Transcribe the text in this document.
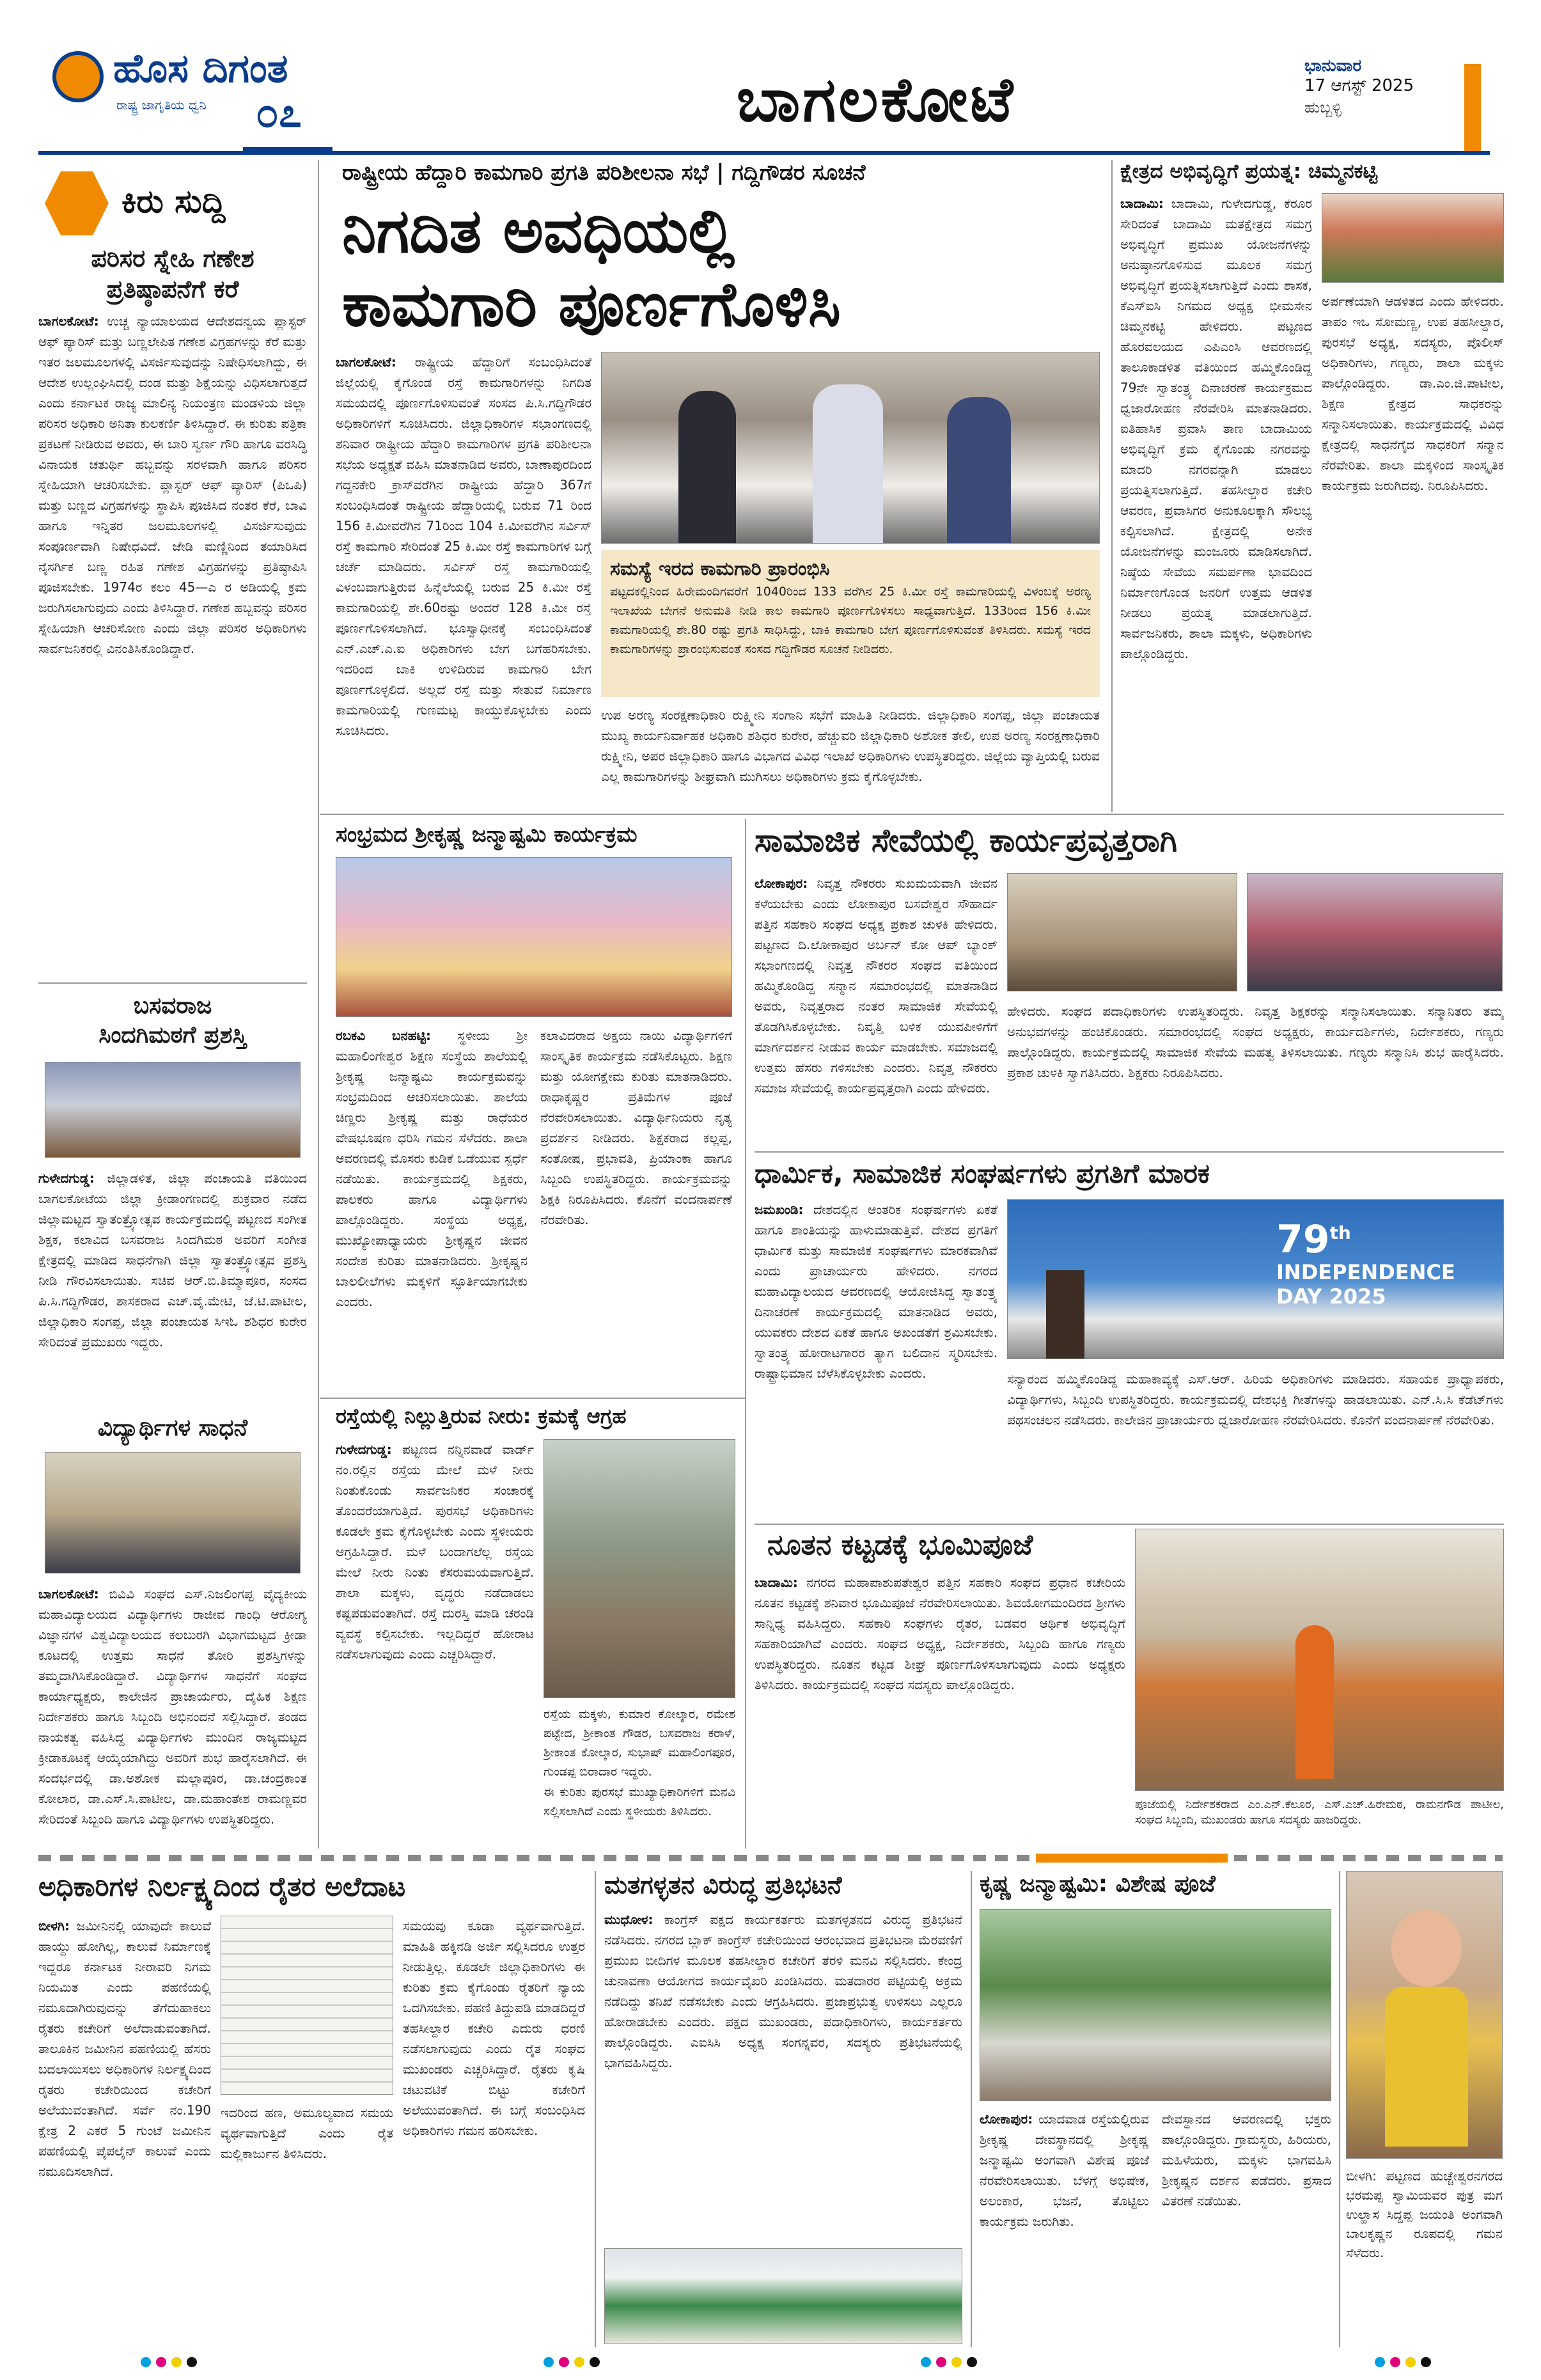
ಹೊಸ ದಿಗಂತ
ರಾಷ್ಟ್ರ ಜಾಗೃತಿಯ ಧ್ವನಿ ೦೭	ಬಾಗಲಕೋಟೆ	ಭಾನುವಾರ
17 ಆಗಸ್ಟ್ 2025
ಹುಬ್ಬಳ್ಳಿ
ಕಿರು ಸುದ್ದಿ
ಪರಿಸರ ಸ್ನೇಹಿ ಗಣೇಶ
ಪ್ರತಿಷ್ಠಾಪನೆಗೆ ಕರೆ
ಬಾಗಲಕೋಟೆ: ಉಚ್ಚ ನ್ಯಾಯಾಲಯದ ಆದೇಶದನ್ವಯ ಪ್ಲಾಸ್ಟರ್ ಆಫ್ ಪ್ಯಾರಿಸ್ ಮತ್ತು ಬಣ್ಣಲೇಪಿತ ಗಣೇಶ ವಿಗ್ರಹಗಳನ್ನು ಕೆರೆ ಮತ್ತು ಇತರ ಜಲಮೂಲಗಳಲ್ಲಿ ವಿಸರ್ಜಿಸುವುದನ್ನು ನಿಷೇಧಿಸಲಾಗಿದ್ದು, ಈ ಆದೇಶ ಉಲ್ಲಂಘಿಸಿದಲ್ಲಿ ದಂಡ ಮತ್ತು ಶಿಕ್ಷೆಯನ್ನು ವಿಧಿಸಲಾಗುತ್ತದೆ ಎಂದು ಕರ್ನಾಟಕ ರಾಜ್ಯ ಮಾಲಿನ್ಯ ನಿಯಂತ್ರಣ ಮಂಡಳಿಯ ಜಿಲ್ಲಾ ಪರಿಸರ ಅಧಿಕಾರಿ ಅನಿತಾ ಕುಲಕರ್ಣಿ ತಿಳಿಸಿದ್ದಾರೆ. ಈ ಕುರಿತು ಪತ್ರಿಕಾ ಪ್ರಕಟಣೆ ನೀಡಿರುವ ಅವರು, ಈ ಬಾರಿ ಸ್ವರ್ಣ ಗೌರಿ ಹಾಗೂ ವರಸಿದ್ಧಿ ವಿನಾಯಕ ಚತುರ್ಥಿ ಹಬ್ಬವನ್ನು ಸರಳವಾಗಿ ಹಾಗೂ ಪರಿಸರ ಸ್ನೇಹಿಯಾಗಿ ಆಚರಿಸಬೇಕು. ಪ್ಲಾಸ್ಟರ್ ಆಫ್ ಪ್ಯಾರಿಸ್ (ಪಿಒಪಿ) ಮತ್ತು ಬಣ್ಣದ ವಿಗ್ರಹಗಳನ್ನು ಸ್ಥಾಪಿಸಿ ಪೂಜಿಸಿದ ನಂತರ ಕೆರೆ, ಬಾವಿ ಹಾಗೂ ಇನ್ನಿತರ ಜಲಮೂಲಗಳಲ್ಲಿ ವಿಸರ್ಜಿಸುವುದು ಸಂಪೂರ್ಣವಾಗಿ ನಿಷೇಧವಿದೆ. ಜೇಡಿ ಮಣ್ಣಿನಿಂದ ತಯಾರಿಸಿದ ನೈಸರ್ಗಿಕ ಬಣ್ಣ ರಹಿತ ಗಣೇಶ ವಿಗ್ರಹಗಳನ್ನು ಪ್ರತಿಷ್ಠಾಪಿಸಿ ಪೂಜಿಸಬೇಕು. 1974ರ ಕಲಂ 45—ಎ ರ ಅಡಿಯಲ್ಲಿ ಕ್ರಮ ಜರುಗಿಸಲಾಗುವುದು ಎಂದು ತಿಳಿಸಿದ್ದಾರೆ. ಗಣೇಶ ಹಬ್ಬವನ್ನು ಪರಿಸರ ಸ್ನೇಹಿಯಾಗಿ ಆಚರಿಸೋಣ ಎಂದು ಜಿಲ್ಲಾ ಪರಿಸರ ಅಧಿಕಾರಿಗಳು ಸಾರ್ವಜನಿಕರಲ್ಲಿ ವಿನಂತಿಸಿಕೊಂಡಿದ್ದಾರೆ.
ಬಸವರಾಜ
ಸಿಂದಗಿಮಠಗೆ ಪ್ರಶಸ್ತಿ
ಗುಳೇದಗುಡ್ಡ: ಜಿಲ್ಲಾಡಳಿತ, ಜಿಲ್ಲಾ ಪಂಚಾಯತಿ ವತಿಯಿಂದ ಬಾಗಲಕೋಟೆಯ ಜಿಲ್ಲಾ ಕ್ರೀಡಾಂಗಣದಲ್ಲಿ ಶುಕ್ರವಾರ ನಡೆದ ಜಿಲ್ಲಾಮಟ್ಟದ ಸ್ವಾತಂತ್ರ್ಯೋತ್ಸವ ಕಾರ್ಯಕ್ರಮದಲ್ಲಿ ಪಟ್ಟಣದ ಸಂಗೀತ ಶಿಕ್ಷಕ, ಕಲಾವಿದ ಬಸವರಾಜ ಸಿಂದಗಿಮಠ ಅವರಿಗೆ ಸಂಗೀತ ಕ್ಷೇತ್ರದಲ್ಲಿ ಮಾಡಿದ ಸಾಧನೆಗಾಗಿ ಜಿಲ್ಲಾ ಸ್ವಾತಂತ್ರ್ಯೋತ್ಸವ ಪ್ರಶಸ್ತಿ ನೀಡಿ ಗೌರವಿಸಲಾಯಿತು. ಸಚಿವ ಆರ್.ಬಿ.ತಿಮ್ಮಾಪೂರ, ಸಂಸದ ಪಿ.ಸಿ.ಗದ್ದಿಗೌಡರ, ಶಾಸಕರಾದ ಎಚ್.ವೈ.ಮೇಟಿ, ಜೆ.ಟಿ.ಪಾಟೀಲ, ಜಿಲ್ಲಾಧಿಕಾರಿ ಸಂಗಪ್ಪ, ಜಿಲ್ಲಾ ಪಂಚಾಯತ ಸಿಇಓ ಶಶಿಧರ ಕುರೇರ ಸೇರಿದಂತೆ ಪ್ರಮುಖರು ಇದ್ದರು.
ವಿದ್ಯಾರ್ಥಿಗಳ ಸಾಧನೆ
ಬಾಗಲಕೋಟೆ: ಬಿವಿವಿ ಸಂಘದ ಎಸ್.ನಿಜಲಿಂಗಪ್ಪ ವೈದ್ಯಕೀಯ ಮಹಾವಿದ್ಯಾಲಯದ ವಿದ್ಯಾರ್ಥಿಗಳು ರಾಜೀವ ಗಾಂಧಿ ಆರೋಗ್ಯ ವಿಜ್ಞಾನಗಳ ವಿಶ್ವವಿದ್ಯಾಲಯದ ಕಲಬುರಗಿ ವಿಭಾಗಮಟ್ಟದ ಕ್ರೀಡಾ ಕೂಟದಲ್ಲಿ ಉತ್ತಮ ಸಾಧನೆ ತೋರಿ ಪ್ರಶಸ್ತಿಗಳನ್ನು ತಮ್ಮದಾಗಿಸಿಕೊಂಡಿದ್ದಾರೆ. ವಿದ್ಯಾರ್ಥಿಗಳ ಸಾಧನೆಗೆ ಸಂಘದ ಕಾರ್ಯಾಧ್ಯಕ್ಷರು, ಕಾಲೇಜಿನ ಪ್ರಾಚಾರ್ಯರು, ದೈಹಿಕ ಶಿಕ್ಷಣ ನಿರ್ದೇಶಕರು ಹಾಗೂ ಸಿಬ್ಬಂದಿ ಅಭಿನಂದನೆ ಸಲ್ಲಿಸಿದ್ದಾರೆ. ತಂಡದ ನಾಯಕತ್ವ ವಹಿಸಿದ್ದ ವಿದ್ಯಾರ್ಥಿಗಳು ಮುಂದಿನ ರಾಜ್ಯಮಟ್ಟದ ಕ್ರೀಡಾಕೂಟಕ್ಕೆ ಆಯ್ಕೆಯಾಗಿದ್ದು ಅವರಿಗೆ ಶುಭ ಹಾರೈಸಲಾಗಿದೆ. ಈ ಸಂದರ್ಭದಲ್ಲಿ ಡಾ.ಅಶೋಕ ಮಲ್ಲಾಪೂರ, ಡಾ.ಚಂದ್ರಕಾಂತ ಕೋಲಾರ, ಡಾ.ಎಸ್.ಸಿ.ಪಾಟೀಲ, ಡಾ.ಮಹಾಂತೇಶ ರಾಮಣ್ಣವರ ಸೇರಿದಂತೆ ಸಿಬ್ಬಂದಿ ಹಾಗೂ ವಿದ್ಯಾರ್ಥಿಗಳು ಉಪಸ್ಥಿತರಿದ್ದರು.
ರಾಷ್ಟ್ರೀಯ ಹೆದ್ದಾರಿ ಕಾಮಗಾರಿ ಪ್ರಗತಿ ಪರಿಶೀಲನಾ ಸಭೆ | ಗದ್ದಿಗೌಡರ ಸೂಚನೆ
ನಿಗದಿತ ಅವಧಿಯಲ್ಲಿ
ಕಾಮಗಾರಿ ಪೂರ್ಣಗೊಳಿಸಿ
ಬಾಗಲಕೋಟೆ: ರಾಷ್ಟ್ರೀಯ ಹೆದ್ದಾರಿಗೆ ಸಂಬಂಧಿಸಿದಂತೆ ಜಿಲ್ಲೆಯಲ್ಲಿ ಕೈಗೊಂಡ ರಸ್ತೆ ಕಾಮಗಾರಿಗಳನ್ನು ನಿಗದಿತ ಸಮಯದಲ್ಲಿ ಪೂರ್ಣಗೊಳಿಸುವಂತೆ ಸಂಸದ ಪಿ.ಸಿ.ಗದ್ದಿಗೌಡರ ಅಧಿಕಾರಿಗಳಿಗೆ ಸೂಚಿಸಿದರು. ಜಿಲ್ಲಾಧಿಕಾರಿಗಳ ಸಭಾಂಗಣದಲ್ಲಿ ಶನಿವಾರ ರಾಷ್ಟ್ರೀಯ ಹೆದ್ದಾರಿ ಕಾಮಗಾರಿಗಳ ಪ್ರಗತಿ ಪರಿಶೀಲನಾ ಸಭೆಯ ಅಧ್ಯಕ್ಷತೆ ವಹಿಸಿ ಮಾತನಾಡಿದ ಅವರು, ಬಾಣಾಪುರದಿಂದ ಗದ್ದನಕೇರಿ ಕ್ರಾಸ್‌ವರೆಗಿನ ರಾಷ್ಟ್ರೀಯ ಹೆದ್ದಾರಿ 367ಗೆ ಸಂಬಂಧಿಸಿದಂತೆ ರಾಷ್ಟ್ರೀಯ ಹೆದ್ದಾರಿಯಲ್ಲಿ ಬರುವ 71 ರಿಂದ 156 ಕಿ.ಮೀವರೆಗಿನ 71ರಿಂದ 104 ಕಿ.ಮೀವರೆಗಿನ ಸರ್ವಿಸ್ ರಸ್ತೆ ಕಾಮಗಾರಿ ಸೇರಿದಂತೆ 25 ಕಿ.ಮೀ ರಸ್ತೆ ಕಾಮಗಾರಿಗಳ ಬಗ್ಗೆ ಚರ್ಚೆ ಮಾಡಿದರು. ಸರ್ವಿಸ್ ರಸ್ತೆ ಕಾಮಗಾರಿಯಲ್ಲಿ ವಿಳಂಬವಾಗುತ್ತಿರುವ ಹಿನ್ನೆಲೆಯಲ್ಲಿ ಬರುವ 25 ಕಿ.ಮೀ ರಸ್ತೆ ಕಾಮಗಾರಿಯಲ್ಲಿ ಶೇ.60ರಷ್ಟು ಅಂದರೆ 128 ಕಿ.ಮೀ ರಸ್ತೆ ಪೂರ್ಣಗೊಳಿಸಲಾಗಿದೆ. ಭೂಸ್ವಾಧೀನಕ್ಕೆ ಸಂಬಂಧಿಸಿದಂತೆ ಎನ್.ಎಚ್.ಎ.ಐ ಅಧಿಕಾರಿಗಳು ಬೇಗ ಬಗೆಹರಿಸಬೇಕು. ಇದರಿಂದ ಬಾಕಿ ಉಳಿದಿರುವ ಕಾಮಗಾರಿ ಬೇಗ ಪೂರ್ಣಗೊಳ್ಳಲಿದೆ. ಅಲ್ಲದೆ ರಸ್ತೆ ಮತ್ತು ಸೇತುವೆ ನಿರ್ಮಾಣ ಕಾಮಗಾರಿಯಲ್ಲಿ ಗುಣಮಟ್ಟ ಕಾಯ್ದುಕೊಳ್ಳಬೇಕು ಎಂದು ಸೂಚಿಸಿದರು.
ಸಮಸ್ಯೆ ಇರದ ಕಾಮಗಾರಿ ಪ್ರಾರಂಭಿಸಿ
ಪಟ್ಟದಕಲ್ಲಿನಿಂದ ಹಿರೇಮಂದಿಗವರೆಗೆ 1040ರಿಂದ 133 ವರೆಗಿನ 25 ಕಿ.ಮೀ ರಸ್ತೆ ಕಾಮಗಾರಿಯಲ್ಲಿ ವಿಳಂಬಕ್ಕೆ ಅರಣ್ಯ ಇಲಾಖೆಯ ಬೇಗನೆ ಅನುಮತಿ ನೀಡಿ ಕಾಲ ಕಾಮಗಾರಿ ಪೂರ್ಣಗೊಳಿಸಲು ಸಾಧ್ಯವಾಗುತ್ತಿದೆ. 133ರಿಂದ 156 ಕಿ.ಮೀ ಕಾಮಗಾರಿಯಲ್ಲಿ ಶೇ.80 ರಷ್ಟು ಪ್ರಗತಿ ಸಾಧಿಸಿದ್ದು, ಬಾಕಿ ಕಾಮಗಾರಿ ಬೇಗ ಪೂರ್ಣಗೊಳಿಸುವಂತೆ ತಿಳಿಸಿದರು. ಸಮಸ್ಯೆ ಇರದ ಕಾಮಗಾರಿಗಳನ್ನು ಪ್ರಾರಂಭಿಸುವಂತೆ ಸಂಸದ ಗದ್ದಿಗೌಡರ ಸೂಚನೆ ನೀಡಿದರು.
ಉಪ ಅರಣ್ಯ ಸಂರಕ್ಷಣಾಧಿಕಾರಿ ರುಕ್ಷ್ಮೀನಿ ಸಂಗಾನಿ ಸಭೆಗೆ ಮಾಹಿತಿ ನೀಡಿದರು. ಜಿಲ್ಲಾಧಿಕಾರಿ ಸಂಗಪ್ಪ, ಜಿಲ್ಲಾ ಪಂಚಾಯತ ಮುಖ್ಯ ಕಾರ್ಯನಿರ್ವಾಹಕ ಅಧಿಕಾರಿ ಶಶಿಧರ ಕುರೇರ, ಹೆಚ್ಚುವರಿ ಜಿಲ್ಲಾಧಿಕಾರಿ ಅಶೋಕ ತೇಲಿ, ಉಪ ಅರಣ್ಯ ಸಂರಕ್ಷಣಾಧಿಕಾರಿ ರುಕ್ಷ್ಮೀನಿ, ಅಪರ ಜಿಲ್ಲಾಧಿಕಾರಿ ಹಾಗೂ ವಿಭಾಗದ ವಿವಿಧ ಇಲಾಖೆ ಅಧಿಕಾರಿಗಳು ಉಪಸ್ಥಿತರಿದ್ದರು. ಜಿಲ್ಲೆಯ ವ್ಯಾಪ್ತಿಯಲ್ಲಿ ಬರುವ ಎಲ್ಲ ಕಾಮಗಾರಿಗಳನ್ನು ಶೀಘ್ರವಾಗಿ ಮುಗಿಸಲು ಅಧಿಕಾರಿಗಳು ಕ್ರಮ ಕೈಗೊಳ್ಳಬೇಕು.
ಕ್ಷೇತ್ರದ ಅಭಿವೃದ್ಧಿಗೆ ಪ್ರಯತ್ನ: ಚಿಮ್ಮನಕಟ್ಟಿ
ಬಾದಾಮಿ: ಬಾದಾಮಿ, ಗುಳೇದಗುಡ್ಡ, ಕೆರೂರ ಸೇರಿದಂತೆ ಬಾದಾಮಿ ಮತಕ್ಷೇತ್ರದ ಸಮಗ್ರ ಅಭಿವೃದ್ಧಿಗೆ ಪ್ರಮುಖ ಯೋಜನೆಗಳನ್ನು ಅನುಷ್ಠಾನಗೊಳಿಸುವ ಮೂಲಕ ಸಮಗ್ರ ಅಭಿವೃದ್ಧಿಗೆ ಪ್ರಯತ್ನಿಸಲಾಗುತ್ತಿದೆ ಎಂದು ಶಾಸಕ, ಕೆಎಸ್‌ಐಸಿ ನಿಗಮದ ಅಧ್ಯಕ್ಷ ಭೀಮಸೇನ ಚಿಮ್ಮನಕಟ್ಟಿ ಹೇಳಿದರು. ಪಟ್ಟಣದ ಹೊರವಲಯದ ಎಪಿಎಂಸಿ ಆವರಣದಲ್ಲಿ ತಾಲೂಕಾಡಳಿತ ವತಿಯಿಂದ ಹಮ್ಮಿಕೊಂಡಿದ್ದ 79ನೇ ಸ್ವಾತಂತ್ರ್ಯ ದಿನಾಚರಣೆ ಕಾರ್ಯಕ್ರಮದ ಧ್ವಜಾರೋಹಣ ನೆರವೇರಿಸಿ ಮಾತನಾಡಿದರು. ಐತಿಹಾಸಿಕ ಪ್ರವಾಸಿ ತಾಣ ಬಾದಾಮಿಯ ಅಭಿವೃದ್ಧಿಗೆ ಕ್ರಮ ಕೈಗೊಂಡು ನಗರವನ್ನು ಮಾದರಿ ನಗರವನ್ನಾಗಿ ಮಾಡಲು ಪ್ರಯತ್ನಿಸಲಾಗುತ್ತಿದೆ. ತಹಸೀಲ್ದಾರ ಕಚೇರಿ ಆವರಣ, ಪ್ರವಾಸಿಗರ ಅನುಕೂಲಕ್ಕಾಗಿ ಸೌಲಭ್ಯ ಕಲ್ಪಿಸಲಾಗಿದೆ. ಕ್ಷೇತ್ರದಲ್ಲಿ ಅನೇಕ ಯೋಜನೆಗಳನ್ನು ಮಂಜೂರು ಮಾಡಿಸಲಾಗಿದೆ. ನಿಷ್ಠೆಯ ಸೇವೆಯ ಸಮರ್ಪಣಾ ಭಾವದಿಂದ ನಿರ್ಮಾಣಗೊಂಡ ಜನರಿಗೆ ಉತ್ತಮ ಆಡಳಿತ ನೀಡಲು ಪ್ರಯತ್ನ ಮಾಡಲಾಗುತ್ತಿದೆ. ಸಾರ್ವಜನಿಕರು, ಶಾಲಾ ಮಕ್ಕಳು, ಅಧಿಕಾರಿಗಳು ಪಾಲ್ಗೊಂಡಿದ್ದರು.
ಅರ್ಪಣೆಯಾಗಿ ಆಡಳಿತದ ಎಂದು ಹೇಳಿದರು. ತಾಪಂ ಇಒ ಸೋಮಣ್ಣ, ಉಪ ತಹಸೀಲ್ದಾರ, ಪುರಸಭೆ ಅಧ್ಯಕ್ಷ, ಸದಸ್ಯರು, ಪೊಲೀಸ್ ಅಧಿಕಾರಿಗಳು, ಗಣ್ಯರು, ಶಾಲಾ ಮಕ್ಕಳು ಪಾಲ್ಗೊಂಡಿದ್ದರು. ಡಾ.ಎಂ.ಜಿ.ಪಾಟೀಲ, ಶಿಕ್ಷಣ ಕ್ಷೇತ್ರದ ಸಾಧಕರನ್ನು ಸನ್ಮಾನಿಸಲಾಯಿತು. ಕಾರ್ಯಕ್ರಮದಲ್ಲಿ ವಿವಿಧ ಕ್ಷೇತ್ರದಲ್ಲಿ ಸಾಧನೆಗೈದ ಸಾಧಕರಿಗೆ ಸನ್ಮಾನ ನೆರವೇರಿತು. ಶಾಲಾ ಮಕ್ಕಳಿಂದ ಸಾಂಸ್ಕೃತಿಕ ಕಾರ್ಯಕ್ರಮ ಜರುಗಿದವು. ನಿರೂಪಿಸಿದರು.
ಸಂಭ್ರಮದ ಶ್ರೀಕೃಷ್ಣ ಜನ್ಮಾಷ್ಟಮಿ ಕಾರ್ಯಕ್ರಮ
ರಬಕವಿ ಬನಹಟ್ಟಿ: ಸ್ಥಳೀಯ ಶ್ರೀ ಮಹಾಲಿಂಗೇಶ್ವರ ಶಿಕ್ಷಣ ಸಂಸ್ಥೆಯ ಶಾಲೆಯಲ್ಲಿ ಶ್ರೀಕೃಷ್ಣ ಜನ್ಮಾಷ್ಟಮಿ ಕಾರ್ಯಕ್ರಮವನ್ನು ಸಂಭ್ರಮದಿಂದ ಆಚರಿಸಲಾಯಿತು. ಶಾಲೆಯ ಚಿಣ್ಣರು ಶ್ರೀಕೃಷ್ಣ ಮತ್ತು ರಾಧೆಯರ ವೇಷಭೂಷಣ ಧರಿಸಿ ಗಮನ ಸೆಳೆದರು. ಶಾಲಾ ಆವರಣದಲ್ಲಿ ಮೊಸರು ಕುಡಿಕೆ ಒಡೆಯುವ ಸ್ಪರ್ಧೆ ನಡೆಯಿತು. ಕಾರ್ಯಕ್ರಮದಲ್ಲಿ ಶಿಕ್ಷಕರು, ಪಾಲಕರು ಹಾಗೂ ವಿದ್ಯಾರ್ಥಿಗಳು ಪಾಲ್ಗೊಂಡಿದ್ದರು. ಸಂಸ್ಥೆಯ ಅಧ್ಯಕ್ಷ, ಮುಖ್ಯೋಪಾಧ್ಯಾಯರು ಶ್ರೀಕೃಷ್ಣನ ಜೀವನ ಸಂದೇಶ ಕುರಿತು ಮಾತನಾಡಿದರು. ಶ್ರೀಕೃಷ್ಣನ ಬಾಲಲೀಲೆಗಳು ಮಕ್ಕಳಿಗೆ ಸ್ಫೂರ್ತಿಯಾಗಬೇಕು ಎಂದರು.
ಕಲಾವಿದರಾದ ಅಕ್ಷಯ ನಾಯಿ ವಿದ್ಯಾರ್ಥಿಗಳಿಗೆ ಸಾಂಸ್ಕೃತಿಕ ಕಾರ್ಯಕ್ರಮ ನಡೆಸಿಕೊಟ್ಟರು. ಶಿಕ್ಷಣ ಮತ್ತು ಯೋಗಕ್ಷೇಮ ಕುರಿತು ಮಾತನಾಡಿದರು. ರಾಧಾಕೃಷ್ಣರ ಪ್ರತಿಮೆಗಳ ಪೂಜೆ ನೆರವೇರಿಸಲಾಯಿತು. ವಿದ್ಯಾರ್ಥಿನಿಯರು ನೃತ್ಯ ಪ್ರದರ್ಶನ ನೀಡಿದರು. ಶಿಕ್ಷಕರಾದ ಕಲ್ಲಪ್ಪ, ಸಂತೋಷ, ಪ್ರಭಾವತಿ, ಪ್ರಿಯಾಂಕಾ ಹಾಗೂ ಸಿಬ್ಬಂದಿ ಉಪಸ್ಥಿತರಿದ್ದರು. ಕಾರ್ಯಕ್ರಮವನ್ನು ಶಿಕ್ಷಕಿ ನಿರೂಪಿಸಿದರು. ಕೊನೆಗೆ ವಂದನಾರ್ಪಣೆ ನೆರವೇರಿತು.
ಸಾಮಾಜಿಕ ಸೇವೆಯಲ್ಲಿ ಕಾರ್ಯಪ್ರವೃತ್ತರಾಗಿ
ಲೋಕಾಪುರ: ನಿವೃತ್ತ ನೌಕರರು ಸುಖಮಯವಾಗಿ ಜೀವನ ಕಳೆಯಬೇಕು ಎಂದು ಲೋಕಾಪುರ ಬಸವೇಶ್ವರ ಸೌಹಾರ್ದ ಪತ್ತಿನ ಸಹಕಾರಿ ಸಂಘದ ಅಧ್ಯಕ್ಷ ಪ್ರಕಾಶ ಚುಳಕಿ ಹೇಳಿದರು. ಪಟ್ಟಣದ ದಿ.ಲೋಕಾಪುರ ಅರ್ಬನ್ ಕೋ ಆಪ್ ಬ್ಯಾಂಕ್ ಸಭಾಂಗಣದಲ್ಲಿ ನಿವೃತ್ತ ನೌಕರರ ಸಂಘದ ವತಿಯಿಂದ ಹಮ್ಮಿಕೊಂಡಿದ್ದ ಸನ್ಮಾನ ಸಮಾರಂಭದಲ್ಲಿ ಮಾತನಾಡಿದ ಅವರು, ನಿವೃತ್ತರಾದ ನಂತರ ಸಾಮಾಜಿಕ ಸೇವೆಯಲ್ಲಿ ತೊಡಗಿಸಿಕೊಳ್ಳಬೇಕು. ನಿವೃತ್ತಿ ಬಳಿಕ ಯುವಪೀಳಿಗೆಗೆ ಮಾರ್ಗದರ್ಶನ ನೀಡುವ ಕಾರ್ಯ ಮಾಡಬೇಕು. ಸಮಾಜದಲ್ಲಿ ಉತ್ತಮ ಹೆಸರು ಗಳಿಸಬೇಕು ಎಂದರು. ನಿವೃತ್ತ ನೌಕರರು ಸಮಾಜ ಸೇವೆಯಲ್ಲಿ ಕಾರ್ಯಪ್ರವೃತ್ತರಾಗಿ ಎಂದು ಹೇಳಿದರು.
ಹೇಳಿದರು. ಸಂಘದ ಪದಾಧಿಕಾರಿಗಳು ಉಪಸ್ಥಿತರಿದ್ದರು. ನಿವೃತ್ತ ಶಿಕ್ಷಕರನ್ನು ಸನ್ಮಾನಿಸಲಾಯಿತು. ಸನ್ಮಾನಿತರು ತಮ್ಮ ಅನುಭವಗಳನ್ನು ಹಂಚಿಕೊಂಡರು. ಸಮಾರಂಭದಲ್ಲಿ ಸಂಘದ ಅಧ್ಯಕ್ಷರು, ಕಾರ್ಯದರ್ಶಿಗಳು, ನಿರ್ದೇಶಕರು, ಗಣ್ಯರು ಪಾಲ್ಗೊಂಡಿದ್ದರು. ಕಾರ್ಯಕ್ರಮದಲ್ಲಿ ಸಾಮಾಜಿಕ ಸೇವೆಯ ಮಹತ್ವ ತಿಳಿಸಲಾಯಿತು. ಗಣ್ಯರು ಸನ್ಮಾನಿಸಿ ಶುಭ ಹಾರೈಸಿದರು. ಪ್ರಕಾಶ ಚುಳಕಿ ಸ್ವಾಗತಿಸಿದರು. ಶಿಕ್ಷಕರು ನಿರೂಪಿಸಿದರು.
ಧಾರ್ಮಿಕ, ಸಾಮಾಜಿಕ ಸಂಘರ್ಷಗಳು ಪ್ರಗತಿಗೆ ಮಾರಕ
ಜಮಖಂಡಿ: ದೇಶದಲ್ಲಿನ ಆಂತರಿಕ ಸಂಘರ್ಷಗಳು ಏಕತೆ ಹಾಗೂ ಶಾಂತಿಯನ್ನು ಹಾಳುಮಾಡುತ್ತಿವೆ. ದೇಶದ ಪ್ರಗತಿಗೆ ಧಾರ್ಮಿಕ ಮತ್ತು ಸಾಮಾಜಿಕ ಸಂಘರ್ಷಗಳು ಮಾರಕವಾಗಿವೆ ಎಂದು ಪ್ರಾಚಾರ್ಯರು ಹೇಳಿದರು. ನಗರದ ಮಹಾವಿದ್ಯಾಲಯದ ಆವರಣದಲ್ಲಿ ಆಯೋಜಿಸಿದ್ದ ಸ್ವಾತಂತ್ರ್ಯ ದಿನಾಚರಣೆ ಕಾರ್ಯಕ್ರಮದಲ್ಲಿ ಮಾತನಾಡಿದ ಅವರು, ಯುವಕರು ದೇಶದ ಏಕತೆ ಹಾಗೂ ಅಖಂಡತೆಗೆ ಶ್ರಮಿಸಬೇಕು. ಸ್ವಾತಂತ್ರ್ಯ ಹೋರಾಟಗಾರರ ತ್ಯಾಗ ಬಲಿದಾನ ಸ್ಮರಿಸಬೇಕು. ರಾಷ್ಟ್ರಾಭಿಮಾನ ಬೆಳೆಸಿಕೊಳ್ಳಬೇಕು ಎಂದರು.
79th
INDEPENDENCE
DAY 2025
ಸನ್ಯಾರಂದ ಹಮ್ಮಿಕೊಂಡಿದ್ದ ಮಹಾಕಾವ್ಯಕ್ಕೆ ಎಸ್.ಆರ್. ಹಿರಿಯ ಅಧಿಕಾರಿಗಳು ಮಾಡಿದರು. ಸಹಾಯಕ ಪ್ರಾಧ್ಯಾಪಕರು, ವಿದ್ಯಾರ್ಥಿಗಳು, ಸಿಬ್ಬಂದಿ ಉಪಸ್ಥಿತರಿದ್ದರು. ಕಾರ್ಯಕ್ರಮದಲ್ಲಿ ದೇಶಭಕ್ತಿ ಗೀತೆಗಳನ್ನು ಹಾಡಲಾಯಿತು. ಎನ್.ಸಿ.ಸಿ ಕೆಡೆಟ್‌ಗಳು ಪಥಸಂಚಲನ ನಡೆಸಿದರು. ಕಾಲೇಜಿನ ಪ್ರಾಚಾರ್ಯರು ಧ್ವಜಾರೋಹಣ ನೆರವೇರಿಸಿದರು. ಕೊನೆಗೆ ವಂದನಾರ್ಪಣೆ ನೆರವೇರಿತು.
ರಸ್ತೆಯಲ್ಲಿ ನಿಲ್ಲುತ್ತಿರುವ ನೀರು: ಕ್ರಮಕ್ಕೆ ಆಗ್ರಹ
ಗುಳೇದಗುಡ್ಡ: ಪಟ್ಟಣದ ನನ್ನಿನವಾಡೆ ವಾರ್ಡ್ ನಂ.ರಲ್ಲಿನ ರಸ್ತೆಯ ಮೇಲೆ ಮಳೆ ನೀರು ನಿಂತುಕೊಂಡು ಸಾರ್ವಜನಿಕರ ಸಂಚಾರಕ್ಕೆ ತೊಂದರೆಯಾಗುತ್ತಿದೆ. ಪುರಸಭೆ ಅಧಿಕಾರಿಗಳು ಕೂಡಲೇ ಕ್ರಮ ಕೈಗೊಳ್ಳಬೇಕು ಎಂದು ಸ್ಥಳೀಯರು ಆಗ್ರಹಿಸಿದ್ದಾರೆ. ಮಳೆ ಬಂದಾಗಲೆಲ್ಲ ರಸ್ತೆಯ ಮೇಲೆ ನೀರು ನಿಂತು ಕೆಸರುಮಯವಾಗುತ್ತಿದೆ. ಶಾಲಾ ಮಕ್ಕಳು, ವೃದ್ಧರು ನಡೆದಾಡಲು ಕಷ್ಟಪಡುವಂತಾಗಿದೆ. ರಸ್ತೆ ದುರಸ್ತಿ ಮಾಡಿ ಚರಂಡಿ ವ್ಯವಸ್ಥೆ ಕಲ್ಪಿಸಬೇಕು. ಇಲ್ಲದಿದ್ದರೆ ಹೋರಾಟ ನಡೆಸಲಾಗುವುದು ಎಂದು ಎಚ್ಚರಿಸಿದ್ದಾರೆ.
ರಸ್ತೆಯ ಮಕ್ಕಳು, ಕುಮಾರ ಕೋಲ್ಕಾರ, ರಮೇಶ ಪಟ್ಟೇದ, ಶ್ರೀಕಾಂತ ಗೌಡರ, ಬಸವರಾಜ ಕರಾಳೆ, ಶ್ರೀಕಾಂತ ಕೋಲ್ಕಾರ, ಸುಭಾಷ್ ಮಹಾಲಿಂಗಪೂರ, ಗುಂಡಪ್ಪ ಬಿರಾದಾರ ಇದ್ದರು.
ಈ ಕುರಿತು ಪುರಸಭೆ ಮುಖ್ಯಾಧಿಕಾರಿಗಳಿಗೆ ಮನವಿ ಸಲ್ಲಿಸಲಾಗಿದೆ ಎಂದು ಸ್ಥಳೀಯರು ತಿಳಿಸಿದರು.
ನೂತನ ಕಟ್ಟಡಕ್ಕೆ ಭೂಮಿಪೂಜೆ
ಬಾದಾಮಿ: ನಗರದ ಮಹಾಪಾಶುಪತೇಶ್ವರ ಪತ್ತಿನ ಸಹಕಾರಿ ಸಂಘದ ಪ್ರಧಾನ ಕಚೇರಿಯ ನೂತನ ಕಟ್ಟಡಕ್ಕೆ ಶನಿವಾರ ಭೂಮಿಪೂಜೆ ನೆರವೇರಿಸಲಾಯಿತು. ಶಿವಯೋಗಮಂದಿರದ ಶ್ರೀಗಳು ಸಾನ್ನಿಧ್ಯ ವಹಿಸಿದ್ದರು. ಸಹಕಾರಿ ಸಂಘಗಳು ರೈತರ, ಬಡವರ ಆರ್ಥಿಕ ಅಭಿವೃದ್ಧಿಗೆ ಸಹಕಾರಿಯಾಗಿವೆ ಎಂದರು. ಸಂಘದ ಅಧ್ಯಕ್ಷ, ನಿರ್ದೇಶಕರು, ಸಿಬ್ಬಂದಿ ಹಾಗೂ ಗಣ್ಯರು ಉಪಸ್ಥಿತರಿದ್ದರು. ನೂತನ ಕಟ್ಟಡ ಶೀಘ್ರ ಪೂರ್ಣಗೊಳಿಸಲಾಗುವುದು ಎಂದು ಅಧ್ಯಕ್ಷರು ತಿಳಿಸಿದರು. ಕಾರ್ಯಕ್ರಮದಲ್ಲಿ ಸಂಘದ ಸದಸ್ಯರು ಪಾಲ್ಗೊಂಡಿದ್ದರು.
ಪೂಜೆಯಲ್ಲಿ ನಿರ್ದೇಶಕರಾದ ಎಂ.ಎನ್.ಕೆಲೂರ, ಎಸ್.ಎಚ್.ಹಿರೇಮಠ, ರಾಮನಗೌಡ ಪಾಟೀಲ, ಸಂಘದ ಸಿಬ್ಬಂದಿ, ಮುಖಂಡರು ಹಾಗೂ ಸದಸ್ಯರು ಹಾಜರಿದ್ದರು.
ಅಧಿಕಾರಿಗಳ ನಿರ್ಲಕ್ಷ್ಯದಿಂದ ರೈತರ ಅಲೆದಾಟ
ಬೀಳಗಿ: ಜಮೀನಿನಲ್ಲಿ ಯಾವುದೇ ಕಾಲುವೆ ಹಾಯ್ದು ಹೋಗಿಲ್ಲ, ಕಾಲುವೆ ನಿರ್ಮಾಣಕ್ಕೆ ಇದ್ದರೂ ಕರ್ನಾಟಕ ನೀರಾವರಿ ನಿಗಮ ನಿಯಮಿತ ಎಂದು ಪಹಣಿಯಲ್ಲಿ ನಮೂದಾಗಿರುವುದನ್ನು ತೆಗೆದುಹಾಕಲು ರೈತರು ಕಚೇರಿಗೆ ಅಲೆದಾಡುವಂತಾಗಿದೆ. ತಾಲೂಕಿನ ಜಮೀನಿನ ಪಹಣಿಯಲ್ಲಿ ಹೆಸರು ಬದಲಾಯಿಸಲು ಅಧಿಕಾರಿಗಳ ನಿರ್ಲಕ್ಷ್ಯದಿಂದ ರೈತರು ಕಚೇರಿಯಿಂದ ಕಚೇರಿಗೆ ಅಲೆಯುವಂತಾಗಿದೆ. ಸರ್ವೆ ನಂ.190 ಕ್ಷೇತ್ರ 2 ಎಕರೆ 5 ಗುಂಟೆ ಜಮೀನಿನ ಪಹಣಿಯಲ್ಲಿ ಪೈಪಲೈನ್ ಕಾಲುವೆ ಎಂದು ನಮೂದಿಸಲಾಗಿದೆ.
ಸಮಯವು ಕೂಡಾ ವ್ಯರ್ಥವಾಗುತ್ತಿದೆ. ಮಾಹಿತಿ ಹಕ್ಕಿನಡಿ ಅರ್ಜಿ ಸಲ್ಲಿಸಿದರೂ ಉತ್ತರ ನೀಡುತ್ತಿಲ್ಲ. ಕೂಡಲೇ ಜಿಲ್ಲಾಧಿಕಾರಿಗಳು ಈ ಕುರಿತು ಕ್ರಮ ಕೈಗೊಂಡು ರೈತರಿಗೆ ನ್ಯಾಯ ಒದಗಿಸಬೇಕು. ಪಹಣಿ ತಿದ್ದುಪಡಿ ಮಾಡದಿದ್ದರೆ ತಹಸೀಲ್ದಾರ ಕಚೇರಿ ಎದುರು ಧರಣಿ ನಡೆಸಲಾಗುವುದು ಎಂದು ರೈತ ಸಂಘದ ಮುಖಂಡರು ಎಚ್ಚರಿಸಿದ್ದಾರೆ. ರೈತರು ಕೃಷಿ ಚಟುವಟಿಕೆ ಬಿಟ್ಟು ಕಚೇರಿಗೆ ಅಲೆಯುವಂತಾಗಿದೆ. ಈ ಬಗ್ಗೆ ಸಂಬಂಧಿಸಿದ ಅಧಿಕಾರಿಗಳು ಗಮನ ಹರಿಸಬೇಕು.
ಇದರಿಂದ ಹಣ, ಅಮೂಲ್ಯವಾದ ಸಮಯ ವ್ಯರ್ಥವಾಗುತ್ತಿದೆ ಎಂದು ರೈತ ಮಲ್ಲಿಕಾರ್ಜುನ ತಿಳಿಸಿದರು.
ಮತಗಳ್ಳತನ ವಿರುದ್ಧ ಪ್ರತಿಭಟನೆ
ಮುಧೋಳ: ಕಾಂಗ್ರೆಸ್ ಪಕ್ಷದ ಕಾರ್ಯಕರ್ತರು ಮತಗಳ್ಳತನದ ವಿರುದ್ಧ ಪ್ರತಿಭಟನೆ ನಡೆಸಿದರು. ನಗರದ ಬ್ಲಾಕ್ ಕಾಂಗ್ರೆಸ್ ಕಚೇರಿಯಿಂದ ಆರಂಭವಾದ ಪ್ರತಿಭಟನಾ ಮೆರವಣಿಗೆ ಪ್ರಮುಖ ಬೀದಿಗಳ ಮೂಲಕ ತಹಸೀಲ್ದಾರ ಕಚೇರಿಗೆ ತೆರಳಿ ಮನವಿ ಸಲ್ಲಿಸಿದರು. ಕೇಂದ್ರ ಚುನಾವಣಾ ಆಯೋಗದ ಕಾರ್ಯವೈಖರಿ ಖಂಡಿಸಿದರು. ಮತದಾರರ ಪಟ್ಟಿಯಲ್ಲಿ ಅಕ್ರಮ ನಡೆದಿದ್ದು ತನಿಖೆ ನಡೆಸಬೇಕು ಎಂದು ಆಗ್ರಹಿಸಿದರು. ಪ್ರಜಾಪ್ರಭುತ್ವ ಉಳಿಸಲು ಎಲ್ಲರೂ ಹೋರಾಡಬೇಕು ಎಂದರು. ಪಕ್ಷದ ಮುಖಂಡರು, ಪದಾಧಿಕಾರಿಗಳು, ಕಾರ್ಯಕರ್ತರು ಪಾಲ್ಗೊಂಡಿದ್ದರು. ಎಐಸಿಸಿ ಅಧ್ಯಕ್ಷ ಸಂಗನ್ನವರ, ಸದಸ್ಯರು ಪ್ರತಿಭಟನೆಯಲ್ಲಿ ಭಾಗವಹಿಸಿದ್ದರು.
ಕೃಷ್ಣ ಜನ್ಮಾಷ್ಟಮಿ: ವಿಶೇಷ ಪೂಜೆ
ಲೋಕಾಪುರ: ಯಾದವಾಡ ರಸ್ತೆಯಲ್ಲಿರುವ ಶ್ರೀಕೃಷ್ಣ ದೇವಸ್ಥಾನದಲ್ಲಿ ಶ್ರೀಕೃಷ್ಣ ಜನ್ಮಾಷ್ಟಮಿ ಅಂಗವಾಗಿ ವಿಶೇಷ ಪೂಜೆ ನೆರವೇರಿಸಲಾಯಿತು. ಬೆಳಗ್ಗೆ ಅಭಿಷೇಕ, ಅಲಂಕಾರ, ಭಜನೆ, ತೊಟ್ಟಿಲು ಕಾರ್ಯಕ್ರಮ ಜರುಗಿತು.
ದೇವಸ್ಥಾನದ ಆವರಣದಲ್ಲಿ ಭಕ್ತರು ಪಾಲ್ಗೊಂಡಿದ್ದರು. ಗ್ರಾಮಸ್ಥರು, ಹಿರಿಯರು, ಮಹಿಳೆಯರು, ಮಕ್ಕಳು ಭಾಗವಹಿಸಿ ಶ್ರೀಕೃಷ್ಣನ ದರ್ಶನ ಪಡೆದರು. ಪ್ರಸಾದ ವಿತರಣೆ ನಡೆಯಿತು.
ಬೀಳಗಿ: ಪಟ್ಟಣದ ಹುಚ್ಚೇಶ್ವರನಗರದ ಭರಮಪ್ಪ ಸ್ವಾಮಿಯವರ ಪುತ್ರ ಮಗ ಉಲ್ಹಾಸ ಸಿದ್ದಪ್ಪ ಜಯಂತಿ ಅಂಗವಾಗಿ ಬಾಲಕೃಷ್ಣನ ರೂಪದಲ್ಲಿ ಗಮನ ಸೆಳೆದರು.
